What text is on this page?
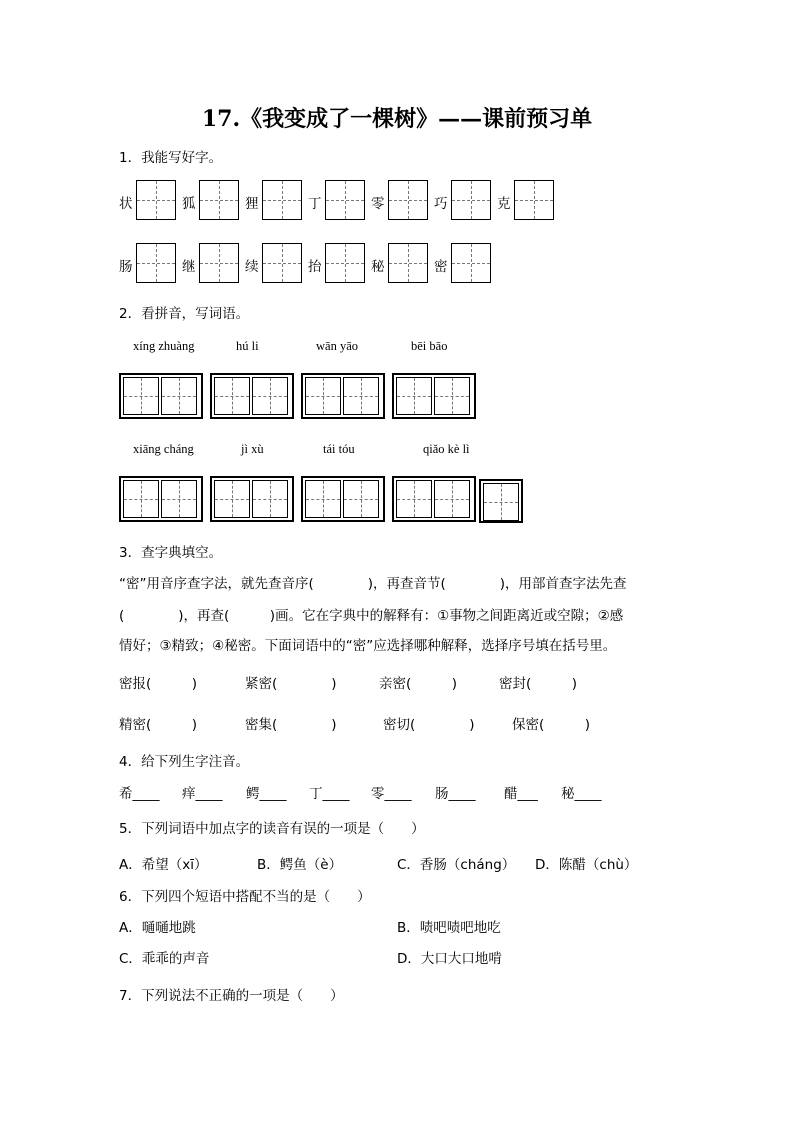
17.《我变成了一棵树》——课前预习单
1．我能写好字。
状	狐	狸	丁	零	巧	克
肠	继	续	抬	秘	密
2．看拼音，写词语。
xíng zhuàng	hú li	wān yāo	bēi bāo
xiāng cháng	jì xù	tái tóu	qiǎo kè lì
3．查字典填空。
“密”用音序查字法，就先查音序(　　　　)，再查音节(　　　　)，用部首查字法先查
(　　　　)，再查(　　　)画。它在字典中的解释有：①事物之间距离近或空隙；②感
情好；③精致；④秘密。下面词语中的“密”应选择哪种解释，选择序号填在括号里。
密报(　　　)	紧密(　　　　)	亲密(　　　)	密封(　　　)
精密(　　　)	密集(　　　　)	密切(　　　　)	保密(　　　)
4．给下列生字注音。
希____ 痒____ 鳄____ 丁____ 零____ 肠____ 醋___ 秘____
5．下列词语中加点字的读音有误的一项是（　　）
A．希望（xī）	B．鳄鱼（è）	C．香肠（cháng） D．陈醋（chù）
6．下列四个短语中搭配不当的是（　　）
A．嗵嗵地跳	B．啧吧啧吧地吃
C．乖乖的声音	D．大口大口地啃
7．下列说法不正确的一项是（　　）
